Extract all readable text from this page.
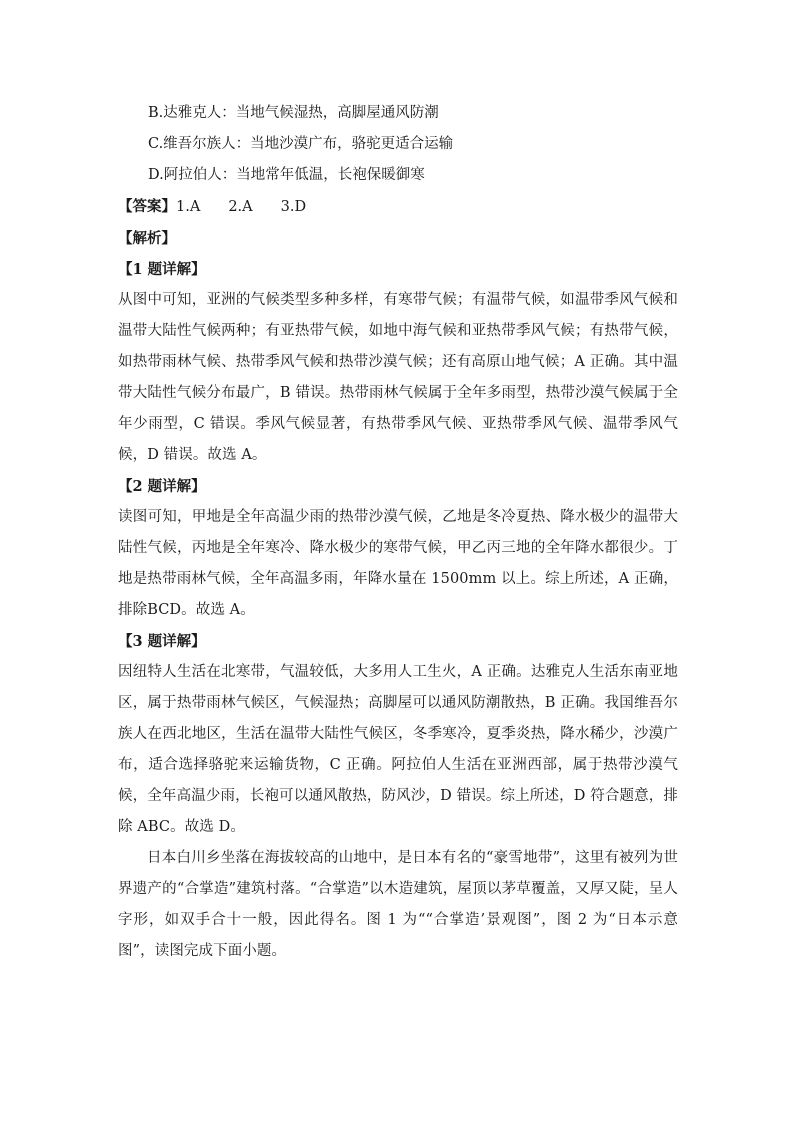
B.达雅克人：当地气候湿热，高脚屋通风防潮

C.维吾尔族人：当地沙漠广布，骆驼更适合运输

D.阿拉伯人：当地常年低温，长袍保暖御寒

【答案】1.A 2.A 3.D

【解析】

【1 题详解】

从图中可知，亚洲的气候类型多种多样，有寒带气候；有温带气候，如温带季风气候和温带大陆性气候两种；有亚热带气候，如地中海气候和亚热带季风气候；有热带气候，如热带雨林气候、热带季风气候和热带沙漠气候；还有高原山地气候；A 正确。其中温带大陆性气候分布最广，B 错误。热带雨林气候属于全年多雨型，热带沙漠气候属于全年少雨型，C 错误。季风气候显著，有热带季风气候、亚热带季风气候、温带季风气候，D 错误。故选 A。

【2 题详解】

读图可知，甲地是全年高温少雨的热带沙漠气候，乙地是冬冷夏热、降水极少的温带大陆性气候，丙地是全年寒冷、降水极少的寒带气候，甲乙丙三地的全年降水都很少。丁地是热带雨林气候，全年高温多雨，年降水量在 1500mm 以上。综上所述，A 正确，排除BCD。故选 A。

【3 题详解】

因纽特人生活在北寒带，气温较低，大多用人工生火，A 正确。达雅克人生活东南亚地区，属于热带雨林气候区，气候湿热；高脚屋可以通风防潮散热，B 正确。我国维吾尔族人在西北地区，生活在温带大陆性气候区，冬季寒冷，夏季炎热，降水稀少，沙漠广布，适合选择骆驼来运输货物，C 正确。阿拉伯人生活在亚洲西部，属于热带沙漠气候，全年高温少雨，长袍可以通风散热，防风沙，D 错误。综上所述，D 符合题意，排除 ABC。故选 D。

日本白川乡坐落在海拔较高的山地中，是日本有名的“豪雪地带”，这里有被列为世界遗产的“合掌造”建筑村落。“合掌造”以木造建筑，屋顶以茅草覆盖，又厚又陡，呈人字形，如双手合十一般，因此得名。图 1 为““合掌造’景观图”，图 2 为“日本示意图”，读图完成下面小题。
